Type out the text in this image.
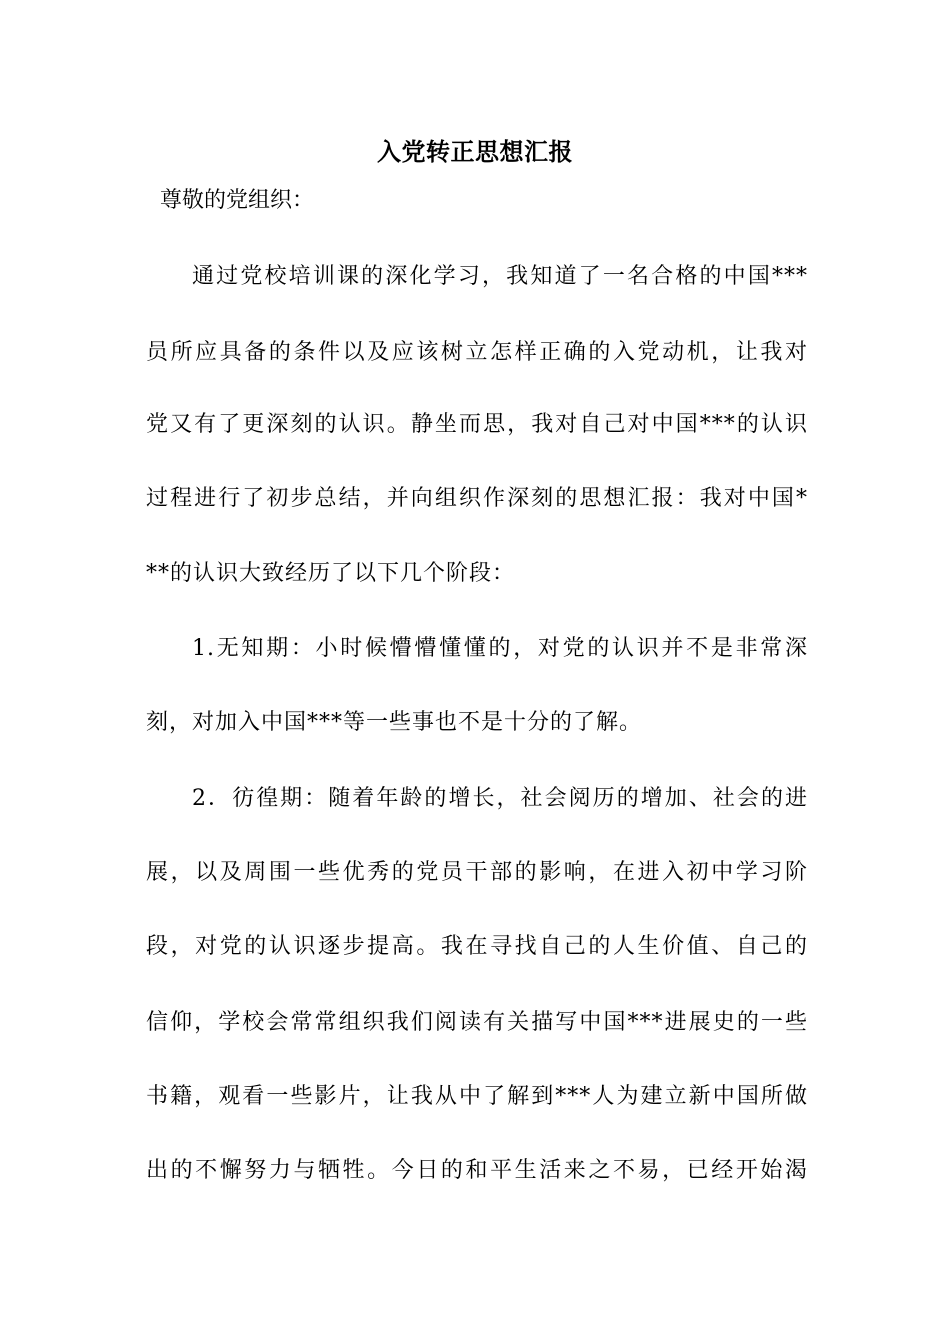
入党转正思想汇报
尊敬的党组织：
通过党校培训课的深化学习，我知道了一名合格的中国***
员所应具备的条件以及应该树立怎样正确的入党动机，让我对
党又有了更深刻的认识。静坐而思，我对自己对中国***的认识
过程进行了初步总结，并向组织作深刻的思想汇报：我对中国*
**的认识大致经历了以下几个阶段：
1.无知期：小时候懵懵懂懂的，对党的认识并不是非常深
刻，对加入中国***等一些事也不是十分的了解。
2．彷徨期：随着年龄的增长，社会阅历的增加、社会的进
展，以及周围一些优秀的党员干部的影响，在进入初中学习阶
段，对党的认识逐步提高。我在寻找自己的人生价值、自己的
信仰，学校会常常组织我们阅读有关描写中国***进展史的一些
书籍，观看一些影片，让我从中了解到***人为建立新中国所做
出的不懈努力与牺牲。今日的和平生活来之不易，已经开始渴
